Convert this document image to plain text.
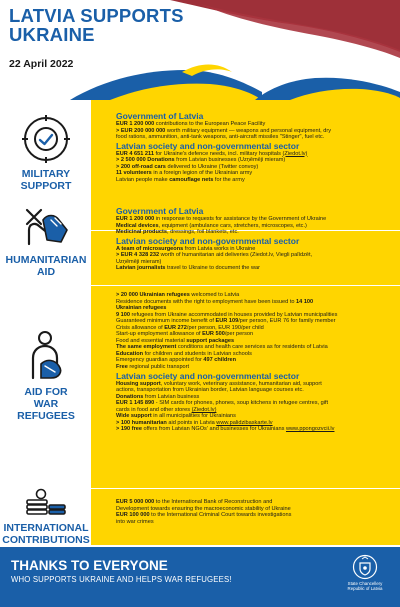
LATVIA SUPPORTS UKRAINE
22 April 2022
MILITARY
SUPPORT
HUMANITARIAN
AID
AID FOR
WAR
REFUGEES
INTERNATIONAL
CONTRIBUTIONS
Government of Latvia
EUR 1 200 000 contributions to the European Peace Facility
> EUR 200 000 000 worth military equipment — weapons and personal equipment, dry
food rations, ammunition, anti-tank weapons, anti-aircraft missiles "Stinger", fuel etc.
Latvian society and non-governmental sector
EUR 4 651 211 for Ukraine's defence needs, incl. military hospitals (Ziedot.lv)
> 2 500 000 Donations from Latvian businesses (Uzņēmēji mieram)
> 200 off-road cars delivered to Ukraine (Twitter convoy)
11 volunteers in a foreign legion of the Ukrainian army
Latvian people make camouflage nets for the army
Government of Latvia
EUR 1 200 000 in response to requests for assistance by the Government of Ukraine
Medical devices, equipment (ambulance cars, stretchers, microscopes, etc.)
Medicinal products, dressings, foil blankets, etc.
Latvian society and non-governmental sector
A team of microsurgeons from Latvia works in Ukraine
> EUR 4 328 232 worth of humanitarian aid deliveries (Ziedot.lv, Viegli palīdzēt,
Uzņēmēji mieram)
Latvian journalists travel to Ukraine to document the war
> 20 000 Ukrainian refugees welcomed to Latvia
Residence documents with the right to employment have been issued to 14 100
Ukrainian refugees
9 100 refugees from Ukraine accommodated in houses provided by Latvian municipalities
Guaranteed minimum income benefit of EUR 109/per person, EUR 76 for family member
Crisis allowance of EUR 272/per person, EUR 190/per child
Start-up employment allowance of EUR 500/per person
Food and essential material support packages
The same employment conditions and health care services as for residents of Latvia
Education for children and students in Latvian schools
Emergency guardian appointed for 497 children
Free regional public transport
Latvian society and non-governmental sector
Housing support, voluntary work, veterinary assistance, humanitarian aid, support
actions, transportation from Ukrainian border, Latvian language courses etc.
Donations from Latvian business
EUR 1 145 890 - SIM cards for phones, phones, soup kitchens in refugee centres, gift
cards in food and other stores (Ziedot.lv)
Wide support in all municipalities for Ukrainians
> 100 humanitarian aid points in Latvia www.palidzibaskarte.lv
> 190 free offers from Latvian NGOs' and businesses for Ukrainians www.ppongozvcii.lv
EUR 5 000 000 to the International Bank of Reconstruction and
Development towards ensuring the macroeconomic stability of Ukraine
EUR 100 000 to the International Criminal Court towards investigations
into war crimes
THANKS TO EVERYONE
WHO SUPPORTS UKRAINE AND HELPS WAR REFUGEES!	State Chancellery
Republic of Latvia
